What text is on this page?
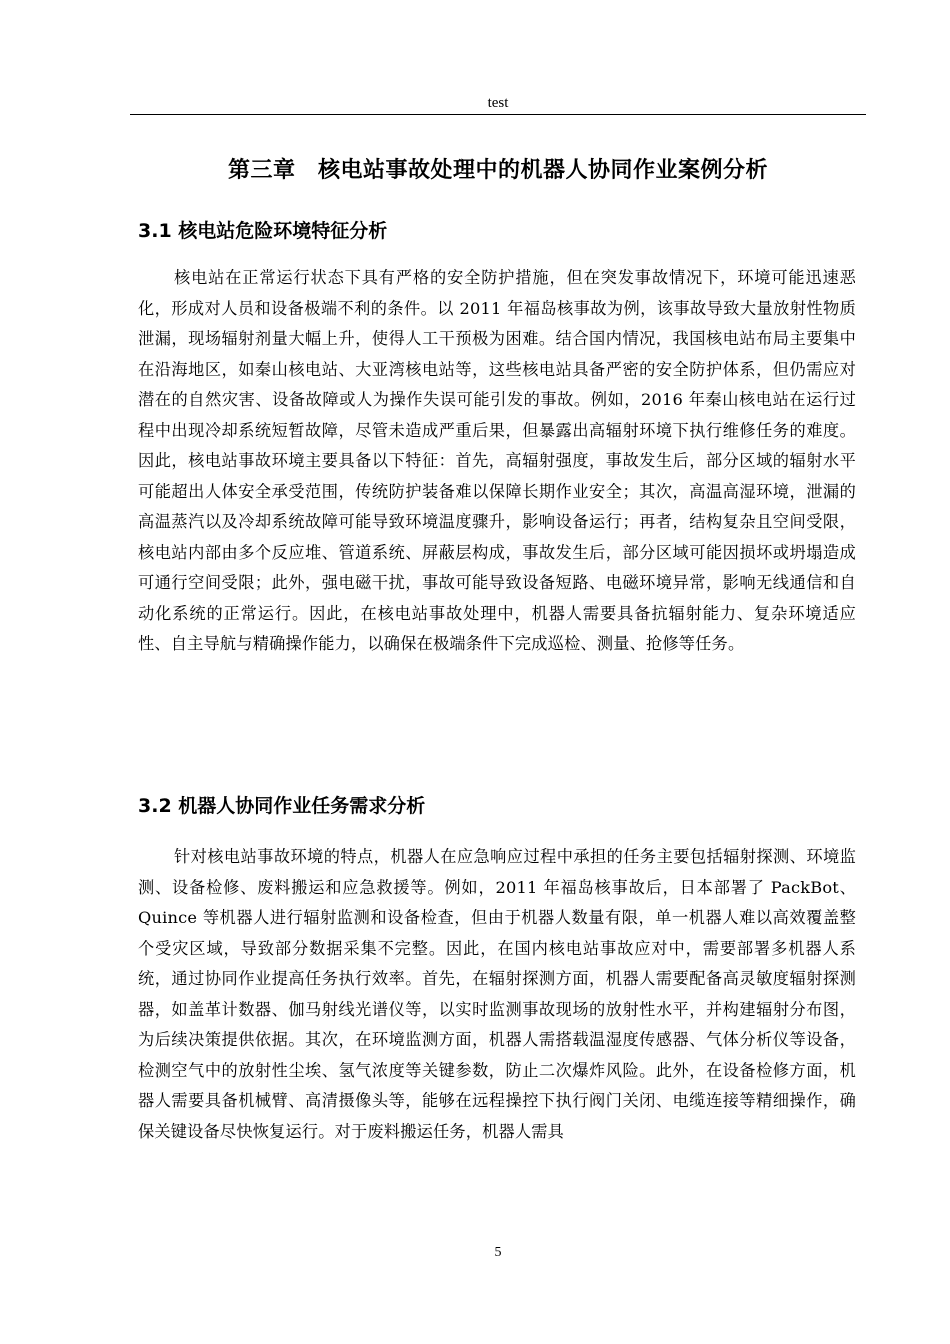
test
第三章　核电站事故处理中的机器人协同作业案例分析
3.1 核电站危险环境特征分析

核电站在正常运行状态下具有严格的安全防护措施，但在突发事故情况下，环境可能迅速恶化，形成对人员和设备极端不利的条件。以 2011 年福岛核事故为例，该事故导致大量放射性物质泄漏，现场辐射剂量大幅上升，使得人工干预极为困难。结合国内情况，我国核电站布局主要集中在沿海地区，如秦山核电站、大亚湾核电站等，这些核电站具备严密的安全防护体系，但仍需应对潜在的自然灾害、设备故障或人为操作失误可能引发的事故。例如，2016 年秦山核电站在运行过程中出现冷却系统短暂故障，尽管未造成严重后果，但暴露出高辐射环境下执行维修任务的难度。因此，核电站事故环境主要具备以下特征：首先，高辐射强度，事故发生后，部分区域的辐射水平可能超出人体安全承受范围，传统防护装备难以保障长期作业安全；其次，高温高湿环境，泄漏的高温蒸汽以及冷却系统故障可能导致环境温度骤升，影响设备运行；再者，结构复杂且空间受限，核电站内部由多个反应堆、管道系统、屏蔽层构成，事故发生后，部分区域可能因损坏或坍塌造成可通行空间受限；此外，强电磁干扰，事故可能导致设备短路、电磁环境异常，影响无线通信和自动化系统的正常运行。因此，在核电站事故处理中，机器人需要具备抗辐射能力、复杂环境适应性、自主导航与精确操作能力，以确保在极端条件下完成巡检、测量、抢修等任务。

3.2 机器人协同作业任务需求分析

针对核电站事故环境的特点，机器人在应急响应过程中承担的任务主要包括辐射探测、环境监测、设备检修、废料搬运和应急救援等。例如，2011 年福岛核事故后，日本部署了 PackBot、Quince 等机器人进行辐射监测和设备检查，但由于机器人数量有限，单一机器人难以高效覆盖整个受灾区域，导致部分数据采集不完整。因此，在国内核电站事故应对中，需要部署多机器人系统，通过协同作业提高任务执行效率。首先，在辐射探测方面，机器人需要配备高灵敏度辐射探测器，如盖革计数器、伽马射线光谱仪等，以实时监测事故现场的放射性水平，并构建辐射分布图，为后续决策提供依据。其次，在环境监测方面，机器人需搭载温湿度传感器、气体分析仪等设备，检测空气中的放射性尘埃、氢气浓度等关键参数，防止二次爆炸风险。此外，在设备检修方面，机器人需要具备机械臂、高清摄像头等，能够在远程操控下执行阀门关闭、电缆连接等精细操作，确保关键设备尽快恢复运行。对于废料搬运任务，机器人需具

5
